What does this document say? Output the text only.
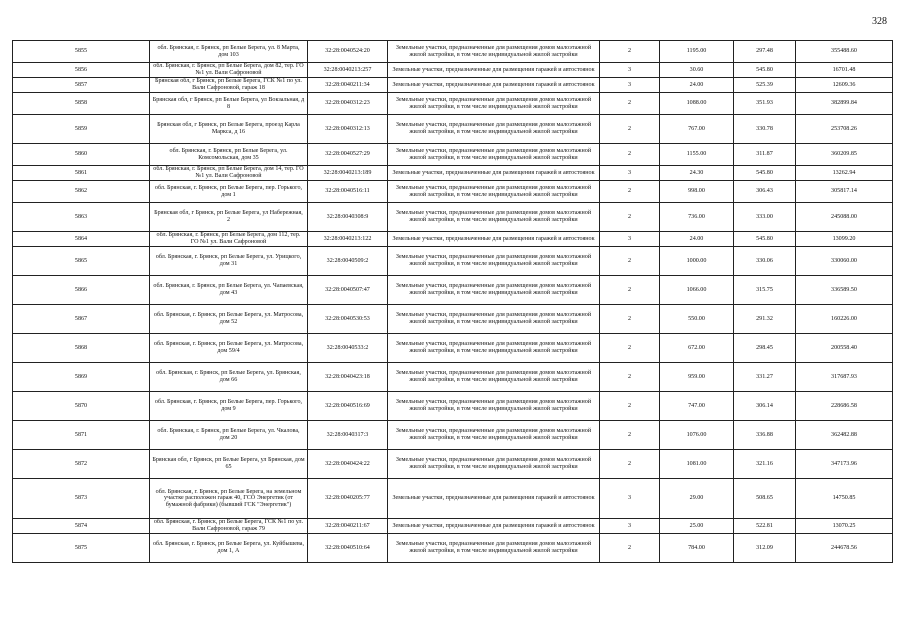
328
5855	обл. Брянская, г. Брянск, рп Белые Берега, ул. 8 Марта, дом 103	32:28:0040524:20	Земельные участки, предназначенные для размещения домов малоэтажной жилой застройки, в том числе индивидуальной жилой застройки	2	1195.00	297.48	355488.60
5856	обл. Брянская, г. Брянск, рп Белые Берега, дом 82, тер. ГО №1 ул. Вали Сафроновой	32:28:0040213:257	Земельные участки, предназначенные для размещения гаражей и автостоянок	3	30.60	545.80	16701.48
5857	Брянская обл, г Брянск, рп Белые Берега, ГСК №1 по ул. Вали Сафроновой, гараж 18	32:28:0040211:34	Земельные участки, предназначенные для размещения гаражей и автостоянок	3	24.00	525.39	12609.36
5858	Брянская обл, г Брянск, рп Белые Берега, ул Вокзальная, д 8	32:28:0040312:23	Земельные участки, предназначенные для размещения домов малоэтажной жилой застройки, в том числе индивидуальной жилой застройки	2	1088.00	351.93	382899.84
5859	Брянская обл, г Брянск, рп Белые Берега, проезд Карла Маркса, д 16	32:28:0040312:13	Земельные участки, предназначенные для размещения домов малоэтажной жилой застройки, в том числе индивидуальной жилой застройки	2	767.00	330.78	253708.26
5860	обл. Брянская, г. Брянск, рп Белые Берега, ул. Комсомольская, дом 35	32:28:0040527:29	Земельные участки, предназначенные для размещения домов малоэтажной жилой застройки, в том числе индивидуальной жилой застройки	2	1155.00	311.87	360209.85
5861	обл. Брянская, г. Брянск, рп Белые Берега, дом 14, тер. ГО №1 ул. Вали Сафроновой	32:28:0040213:189	Земельные участки, предназначенные для размещения гаражей и автостоянок	3	24.30	545.80	13262.94
5862	обл. Брянская, г. Брянск, рп Белые Берега, пер. Горького, дом 1	32:28:0040516:11	Земельные участки, предназначенные для размещения домов малоэтажной жилой застройки, в том числе индивидуальной жилой застройки	2	998.00	306.43	305817.14
5863	Брянская обл, г Брянск, рп Белые Берега, ул Набережная, 2	32:28:0040308:9	Земельные участки, предназначенные для размещения домов малоэтажной жилой застройки, в том числе индивидуальной жилой застройки	2	736.00	333.00	245088.00
5864	обл. Брянская, г. Брянск, рп Белые Берега, дом 112, тер. ГО №1 ул. Вали Сафроновой	32:28:0040213:122	Земельные участки, предназначенные для размещения гаражей и автостоянок	3	24.00	545.80	13099.20
5865	обл. Брянская, г. Брянск, рп Белые Берега, ул. Урицкого, дом 31	32:28:0040509:2	Земельные участки, предназначенные для размещения домов малоэтажной жилой застройки, в том числе индивидуальной жилой застройки	2	1000.00	330.06	330060.00
5866	обл. Брянская, г. Брянск, рп Белые Берега, ул. Чапаевская, дом 43	32:28:0040507:47	Земельные участки, предназначенные для размещения домов малоэтажной жилой застройки, в том числе индивидуальной жилой застройки	2	1066.00	315.75	336589.50
5867	обл. Брянская, г. Брянск, рп Белые Берега, ул. Матросова, дом 52	32:28:0040530:53	Земельные участки, предназначенные для размещения домов малоэтажной жилой застройки, в том числе индивидуальной жилой застройки	2	550.00	291.32	160226.00
5868	обл. Брянская, г. Брянск, рп Белые Берега, ул. Матросова, дом 59/4	32:28:0040533:2	Земельные участки, предназначенные для размещения домов малоэтажной жилой застройки, в том числе индивидуальной жилой застройки	2	672.00	298.45	200558.40
5869	обл. Брянская, г. Брянск, рп Белые Берега, ул. Брянская, дом 66	32:28:0040423:18	Земельные участки, предназначенные для размещения домов малоэтажной жилой застройки, в том числе индивидуальной жилой застройки	2	959.00	331.27	317687.93
5870	обл. Брянская, г. Брянск, рп Белые Берега, пер. Горького, дом 9	32:28:0040516:69	Земельные участки, предназначенные для размещения домов малоэтажной жилой застройки, в том числе индивидуальной жилой застройки	2	747.00	306.14	228686.58
5871	обл. Брянская, г. Брянск, рп Белые Берега, ул. Чкалова, дом 20	32:28:0040317:3	Земельные участки, предназначенные для размещения домов малоэтажной жилой застройки, в том числе индивидуальной жилой застройки	2	1076.00	336.88	362482.88
5872	Брянская обл, г Брянск, рп Белые Берега, ул Брянская, дом 65	32:28:0040424:22	Земельные участки, предназначенные для размещения домов малоэтажной жилой застройки, в том числе индивидуальной жилой застройки	2	1081.00	321.16	347173.96
5873	обл. Брянская, г. Брянск, рп Белые Берега, на земельном участке расположен гараж 40, ГСО Энергетик (от бумажной фабрики) (бывший ГСК "Энергетик")	32:28:0040205:77	Земельные участки, предназначенные для размещения гаражей и автостоянок	3	29.00	508.65	14750.85
5874	обл. Брянская, г. Брянск, рп Белые Берега, ГСК №1 по ул. Вали Сафроновой, гараж 79	32:28:0040211:67	Земельные участки, предназначенные для размещения гаражей и автостоянок	3	25.00	522.81	13070.25
5875	обл. Брянская, г. Брянск, рп Белые Берега, ул. Куйбышева, дом 1, А	32:28:0040510:64	Земельные участки, предназначенные для размещения домов малоэтажной жилой застройки, в том числе индивидуальной жилой застройки	2	784.00	312.09	244678.56
